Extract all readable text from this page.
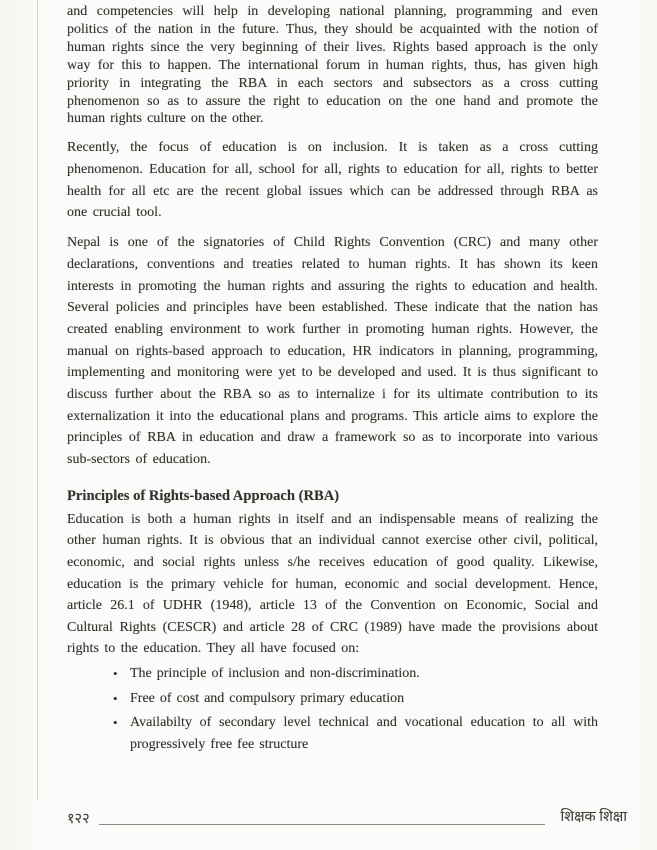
and competencies will help in developing national planning, programming and even politics of the nation in the future. Thus, they should be acquainted with the notion of human rights since the very beginning of their lives. Rights based approach is the only way for this to happen. The international forum in human rights, thus, has given high priority in integrating the RBA in each sectors and subsectors as a cross cutting phenomenon so as to assure the right to education on the one hand and promote the human rights culture on the other.

Recently, the focus of education is on inclusion. It is taken as a cross cutting phenomenon. Education for all, school for all, rights to education for all, rights to better health for all etc are the recent global issues which can be addressed through RBA as one crucial tool.

Nepal is one of the signatories of Child Rights Convention (CRC) and many other declarations, conventions and treaties related to human rights. It has shown its keen interests in promoting the human rights and assuring the rights to education and health. Several policies and principles have been established. These indicate that the nation has created enabling environment to work further in promoting human rights. However, the manual on rights-based approach to education, HR indicators in planning, programming, implementing and monitoring were yet to be developed and used. It is thus significant to discuss further about the RBA so as to internalize i for its ultimate contribution to its externalization it into the educational plans and programs. This article aims to explore the principles of RBA in education and draw a framework so as to incorporate into various sub-sectors of education.

Principles of Rights-based Approach (RBA)

Education is both a human rights in itself and an indispensable means of realizing the other human rights. It is obvious that an individual cannot exercise other civil, political, economic, and social rights unless s/he receives education of good quality. Likewise, education is the primary vehicle for human, economic and social development. Hence, article 26.1 of UDHR (1948), article 13 of the Convention on Economic, Social and Cultural Rights (CESCR) and article 28 of CRC (1989) have made the provisions about rights to the education. They all have focused on:

• The principle of inclusion and non-discrimination.
• Free of cost and compulsory primary education
• Availabilty of secondary level technical and vocational education to all with progressively free fee structure
१२२	शिक्षक शिक्षा
